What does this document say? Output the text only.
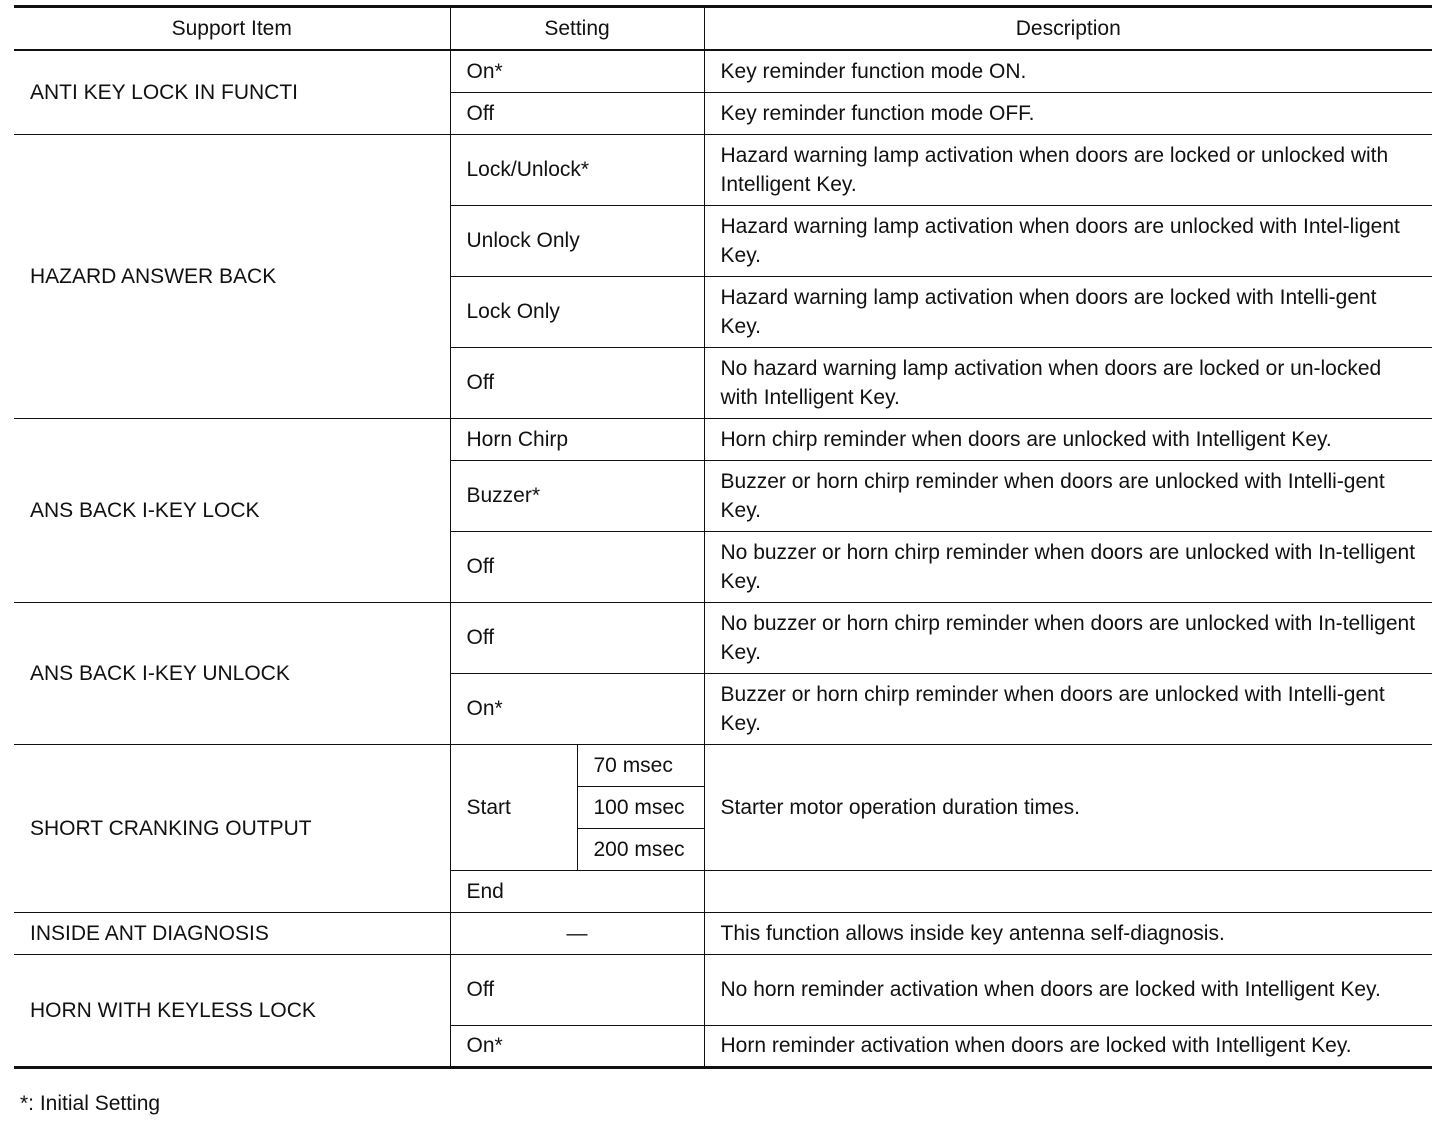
Support Item	Setting		Description
ANTI KEY LOCK IN FUNCTI	On*		Key reminder function mode ON.
	Off		Key reminder function mode OFF.
HAZARD ANSWER BACK	Lock/Unlock*		Hazard warning lamp activation when doors are locked or unlocked with Intelligent Key.
	Unlock Only		Hazard warning lamp activation when doors are unlocked with Intel-ligent Key.
	Lock Only		Hazard warning lamp activation when doors are locked with Intelli-gent Key.
	Off		No hazard warning lamp activation when doors are locked or un-locked with Intelligent Key.
ANS BACK I-KEY LOCK	Horn Chirp		Horn chirp reminder when doors are unlocked with Intelligent Key.
	Buzzer*		Buzzer or horn chirp reminder when doors are unlocked with Intelli-gent Key.
	Off		No buzzer or horn chirp reminder when doors are unlocked with In-telligent Key.
ANS BACK I-KEY UNLOCK	Off		No buzzer or horn chirp reminder when doors are unlocked with In-telligent Key.
	On*		Buzzer or horn chirp reminder when doors are unlocked with Intelli-gent Key.
SHORT CRANKING OUTPUT	Start	70 msec	Starter motor operation duration times.
		100 msec	
		200 msec	
	End		
INSIDE ANT DIAGNOSIS	—		This function allows inside key antenna self-diagnosis.
HORN WITH KEYLESS LOCK	Off		No horn reminder activation when doors are locked with Intelligent Key.
	On*		Horn reminder activation when doors are locked with Intelligent Key.
*: Initial Setting
